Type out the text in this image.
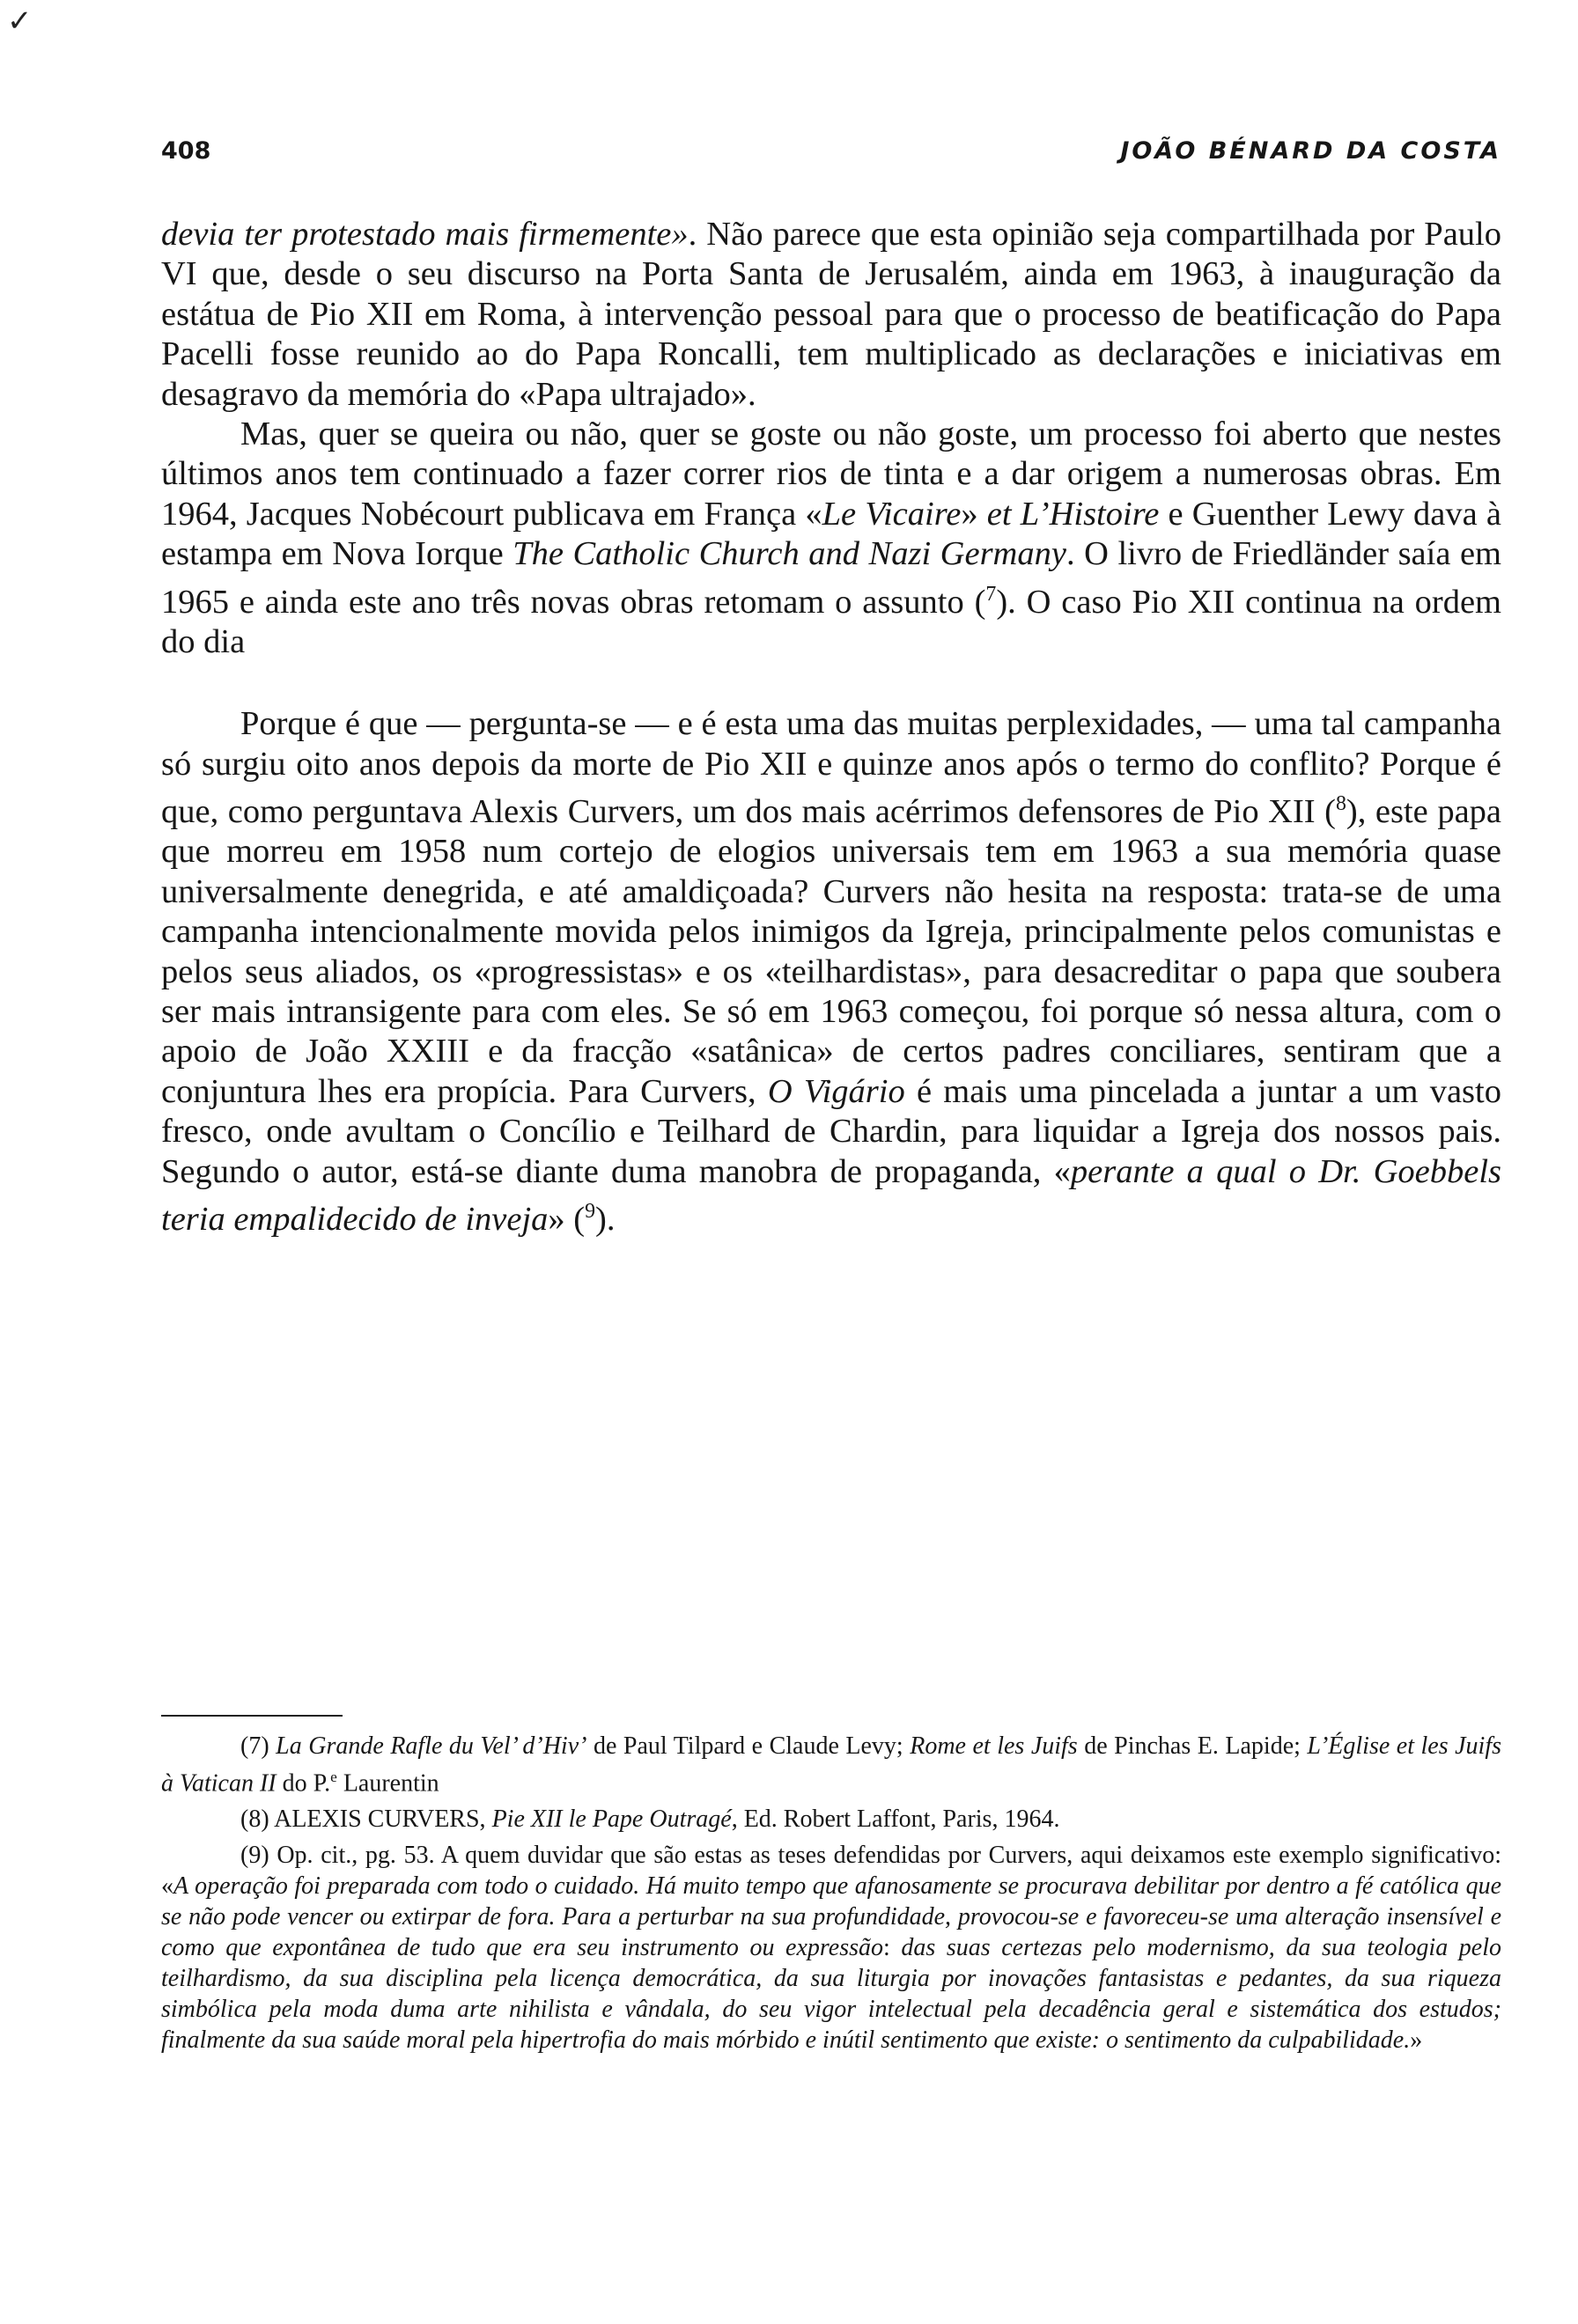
✓
408	JOÃO BÉNARD DA COSTA

devia ter protestado mais firmemente». Não parece que esta opinião seja compartilhada por Paulo VI que, desde o seu discurso na Porta Santa de Jerusalém, ainda em 1963, à inauguração da estátua de Pio XII em Roma, à intervenção pessoal para que o processo de beatificação do Papa Pacelli fosse reunido ao do Papa Roncalli, tem multiplicado as declarações e iniciativas em desagravo da memória do «Papa ultrajado».

Mas, quer se queira ou não, quer se goste ou não goste, um processo foi aberto que nestes últimos anos tem continuado a fazer correr rios de tinta e a dar origem a numerosas obras. Em 1964, Jacques Nobécourt publicava em França «Le Vicaire» et L’Histoire e Guenther Lewy dava à estampa em Nova Iorque The Catholic Church and Nazi Germany. O livro de Friedländer saía em 1965 e ainda este ano três novas obras retomam o assunto ($^7$). O caso Pio XII continua na ordem do dia

Porque é que — pergunta-se — e é esta uma das muitas perplexidades, — uma tal campanha só surgiu oito anos depois da morte de Pio XII e quinze anos após o termo do conflito? Porque é que, como perguntava Alexis Curvers, um dos mais acérrimos defensores de Pio XII ($^8$), este papa que morreu em 1958 num cortejo de elogios universais tem em 1963 a sua memória quase universalmente denegrida, e até amaldiçoada? Curvers não hesita na resposta: trata-se de uma campanha intencionalmente movida pelos inimigos da Igreja, principalmente pelos comunistas e pelos seus aliados, os «progressistas» e os «teilhardistas», para desacreditar o papa que soubera ser mais intransigente para com eles. Se só em 1963 começou, foi porque só nessa altura, com o apoio de João XXIII e da fracção «satânica» de certos padres conciliares, sentiram que a conjuntura lhes era propícia. Para Curvers, O Vigário é mais uma pincelada a juntar a um vasto fresco, onde avultam o Concílio e Teilhard de Chardin, para liquidar a Igreja dos nossos pais. Segundo o autor, está-se diante duma manobra de propaganda, «perante a qual o Dr. Goebbels teria empalidecido de inveja» ($^9$).

(7) La Grande Rafle du Vel’ d’Hiv’ de Paul Tilpard e Claude Levy; Rome et les Juifs de Pinchas E. Lapide; L’Église et les Juifs à Vatican II do P.$^e$ Laurentin

(8) ALEXIS CURVERS, Pie XII le Pape Outragé, Ed. Robert Laffont, Paris, 1964.

(9) Op. cit., pg. 53. A quem duvidar que são estas as teses defendidas por Curvers, aqui deixamos este exemplo significativo: «A operação foi preparada com todo o cuidado. Há muito tempo que afanosamente se procurava debilitar por dentro a fé católica que se não pode vencer ou extirpar de fora. Para a perturbar na sua profundidade, provocou-se e favoreceu-se uma alteração insensível e como que expontânea de tudo que era seu instrumento ou expressão: das suas certezas pelo modernismo, da sua teologia pelo teilhardismo, da sua disciplina pela licença democrática, da sua liturgia por inovações fantasistas e pedantes, da sua riqueza simbólica pela moda duma arte nihilista e vândala, do seu vigor intelectual pela decadência geral e sistemática dos estudos; finalmente da sua saúde moral pela hipertrofia do mais mórbido e inútil sentimento que existe: o sentimento da culpabilidade.»
